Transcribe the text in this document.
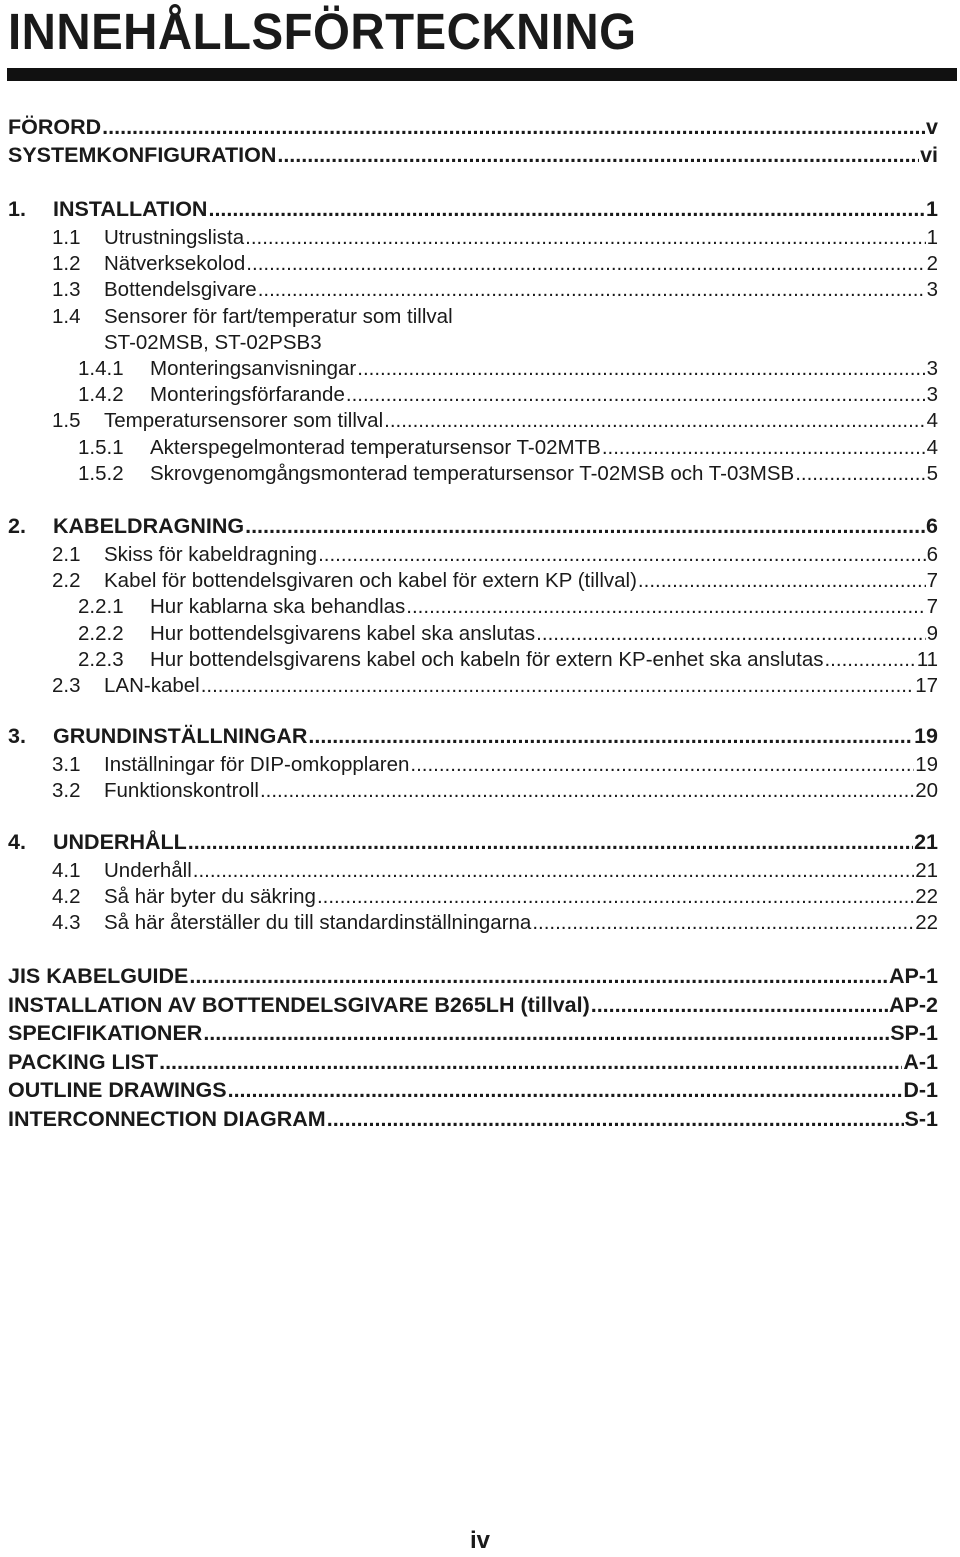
INNEHÅLLSFÖRTECKNING
FÖRORD .....	v
SYSTEMKONFIGURATION .....	vi
1.	INSTALLATION .....	1
1.1	Utrustningslista .....	1
1.2	Nätverksekolod .....	2
1.3	Bottendelsgivare .....	3
1.4	Sensorer för fart/temperatur som tillval
ST-02MSB, ST-02PSB3
1.4.1	Monteringsanvisningar .....	3
1.4.2	Monteringsförfarande .....	3
1.5	Temperatursensorer som tillval .....	4
1.5.1	Akterspegelmonterad temperatursensor T-02MTB .....	4
1.5.2	Skrovgenomgångsmonterad temperatursensor T-02MSB och T-03MSB .....	5
2.	KABELDRAGNING .....	6
2.1	Skiss för kabeldragning .....	6
2.2	Kabel för bottendelsgivaren och kabel för extern KP (tillval) .....	7
2.2.1	Hur kablarna ska behandlas .....	7
2.2.2	Hur bottendelsgivarens kabel ska anslutas .....	9
2.2.3	Hur bottendelsgivarens kabel och kabeln för extern KP-enhet ska anslutas .....	11
2.3	LAN-kabel .....	17
3.	GRUNDINSTÄLLNINGAR .....	19
3.1	Inställningar för DIP-omkopplaren .....	19
3.2	Funktionskontroll .....	20
4.	UNDERHÅLL .....	21
4.1	Underhåll .....	21
4.2	Så här byter du säkring .....	22
4.3	Så här återställer du till standardinställningarna .....	22
JIS KABELGUIDE .....	AP-1
INSTALLATION AV BOTTENDELSGIVARE B265LH (tillval) .....	AP-2
SPECIFIKATIONER .....	SP-1
PACKING LIST .....	A-1
OUTLINE DRAWINGS .....	D-1
INTERCONNECTION DIAGRAM .....	S-1
iv
